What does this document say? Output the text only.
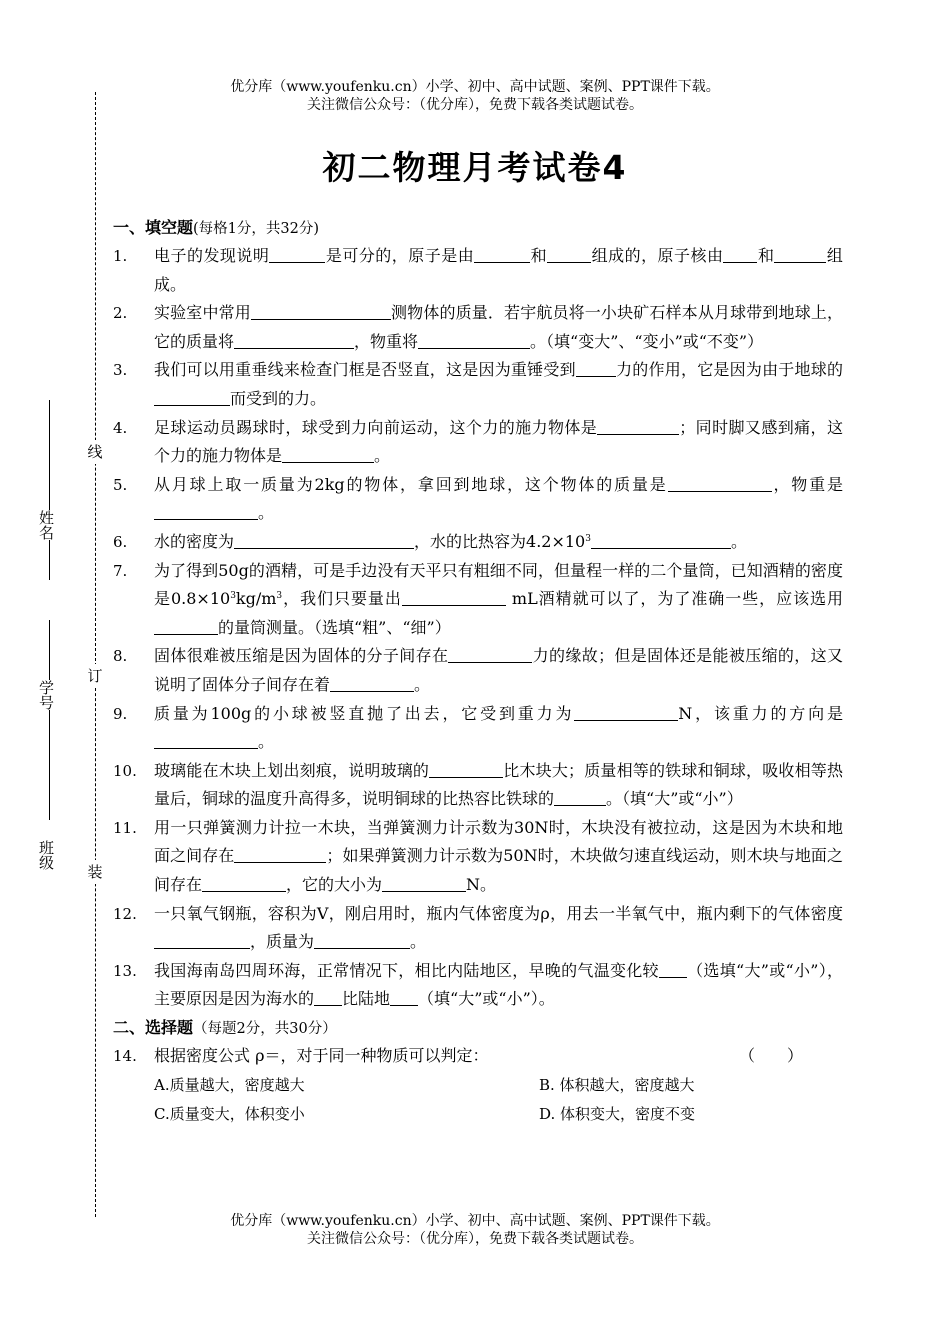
优分库（www.youfenku.cn）小学、初中、高中试题、案例、PPT课件下载。
关注微信公众号：（优分库），免费下载各类试题试卷。
初二物理月考试卷4
线
订
装
姓名
学号
班级
一、填空题(每格1分，共32分)
1.	电子的发现说明	是可分的，原子是由	和	组成的，原子核由 和	组成。
2.	实验室中常用	测物体的质量．若宇航员将一小块矿石样本从月球带到地球上，它的质量将	，物重将	。（填“变大”、“变小”或“不变”）
3.	我们可以用重垂线来检查门框是否竖直，这是因为重锤受到	力的作用，它是因为由于地球的而受到的力。
4.	足球运动员踢球时，球受到力向前运动，这个力的施力物体是	；同时脚又感到痛，这个力的施力物体是	。
5.	从月球上取一质量为2kg的物体，拿回到地球，这个物体的质量是	，物重是。
6.	水的密度为	，水的比热容为$4.2\times 10^3$	。
7.	为了得到50g的酒精，可是手边没有天平只有粗细不同，但量程一样的二个量筒，已知酒精的密度是$0.8\times 10^3kg/m^3$，我们只要量出	mL酒精就可以了，为了准确一些，应该选用的量筒测量。（选填“粗”、“细”）
8.	固体很难被压缩是因为固体的分子间存在	力的缘故；但是固体还是能被压缩的，这又说明了固体分子间存在着	。
9.	质量为100g的小球被竖直抛了出去，它受到重力为	N，该重力的方向是。
10.	玻璃能在木块上划出刻痕，说明玻璃的	比木块大；质量相等的铁球和铜球，吸收相等热量后，铜球的温度升高得多，说明铜球的比热容比铁球的	。（填“大”或“小”）
11.	用一只弹簧测力计拉一木块，当弹簧测力计示数为30N时，木块没有被拉动，这是因为木块和地面之间存在	；如果弹簧测力计示数为50N时，木块做匀速直线运动，则木块与地面之间存在	，它的大小为	N。
12.	一只氧气钢瓶，容积为V，刚启用时，瓶内气体密度为ρ，用去一半氧气中，瓶内剩下的气体密度，质量为	。
13.	我国海南岛四周环海，正常情况下，相比内陆地区，早晚的气温变化较 （选填“大”或“小”），主要原因是因为海水的 比陆地 （填“大”或“小”）。
二、选择题（每题2分，共30分）
14.	根据密度公式 ρ＝，对于同一种物质可以判定：	（　　）
A.质量越大，密度越大	B. 体积越大，密度越大
C.质量变大，体积变小	D. 体积变大，密度不变
优分库（www.youfenku.cn）小学、初中、高中试题、案例、PPT课件下载。
关注微信公众号：（优分库），免费下载各类试题试卷。
